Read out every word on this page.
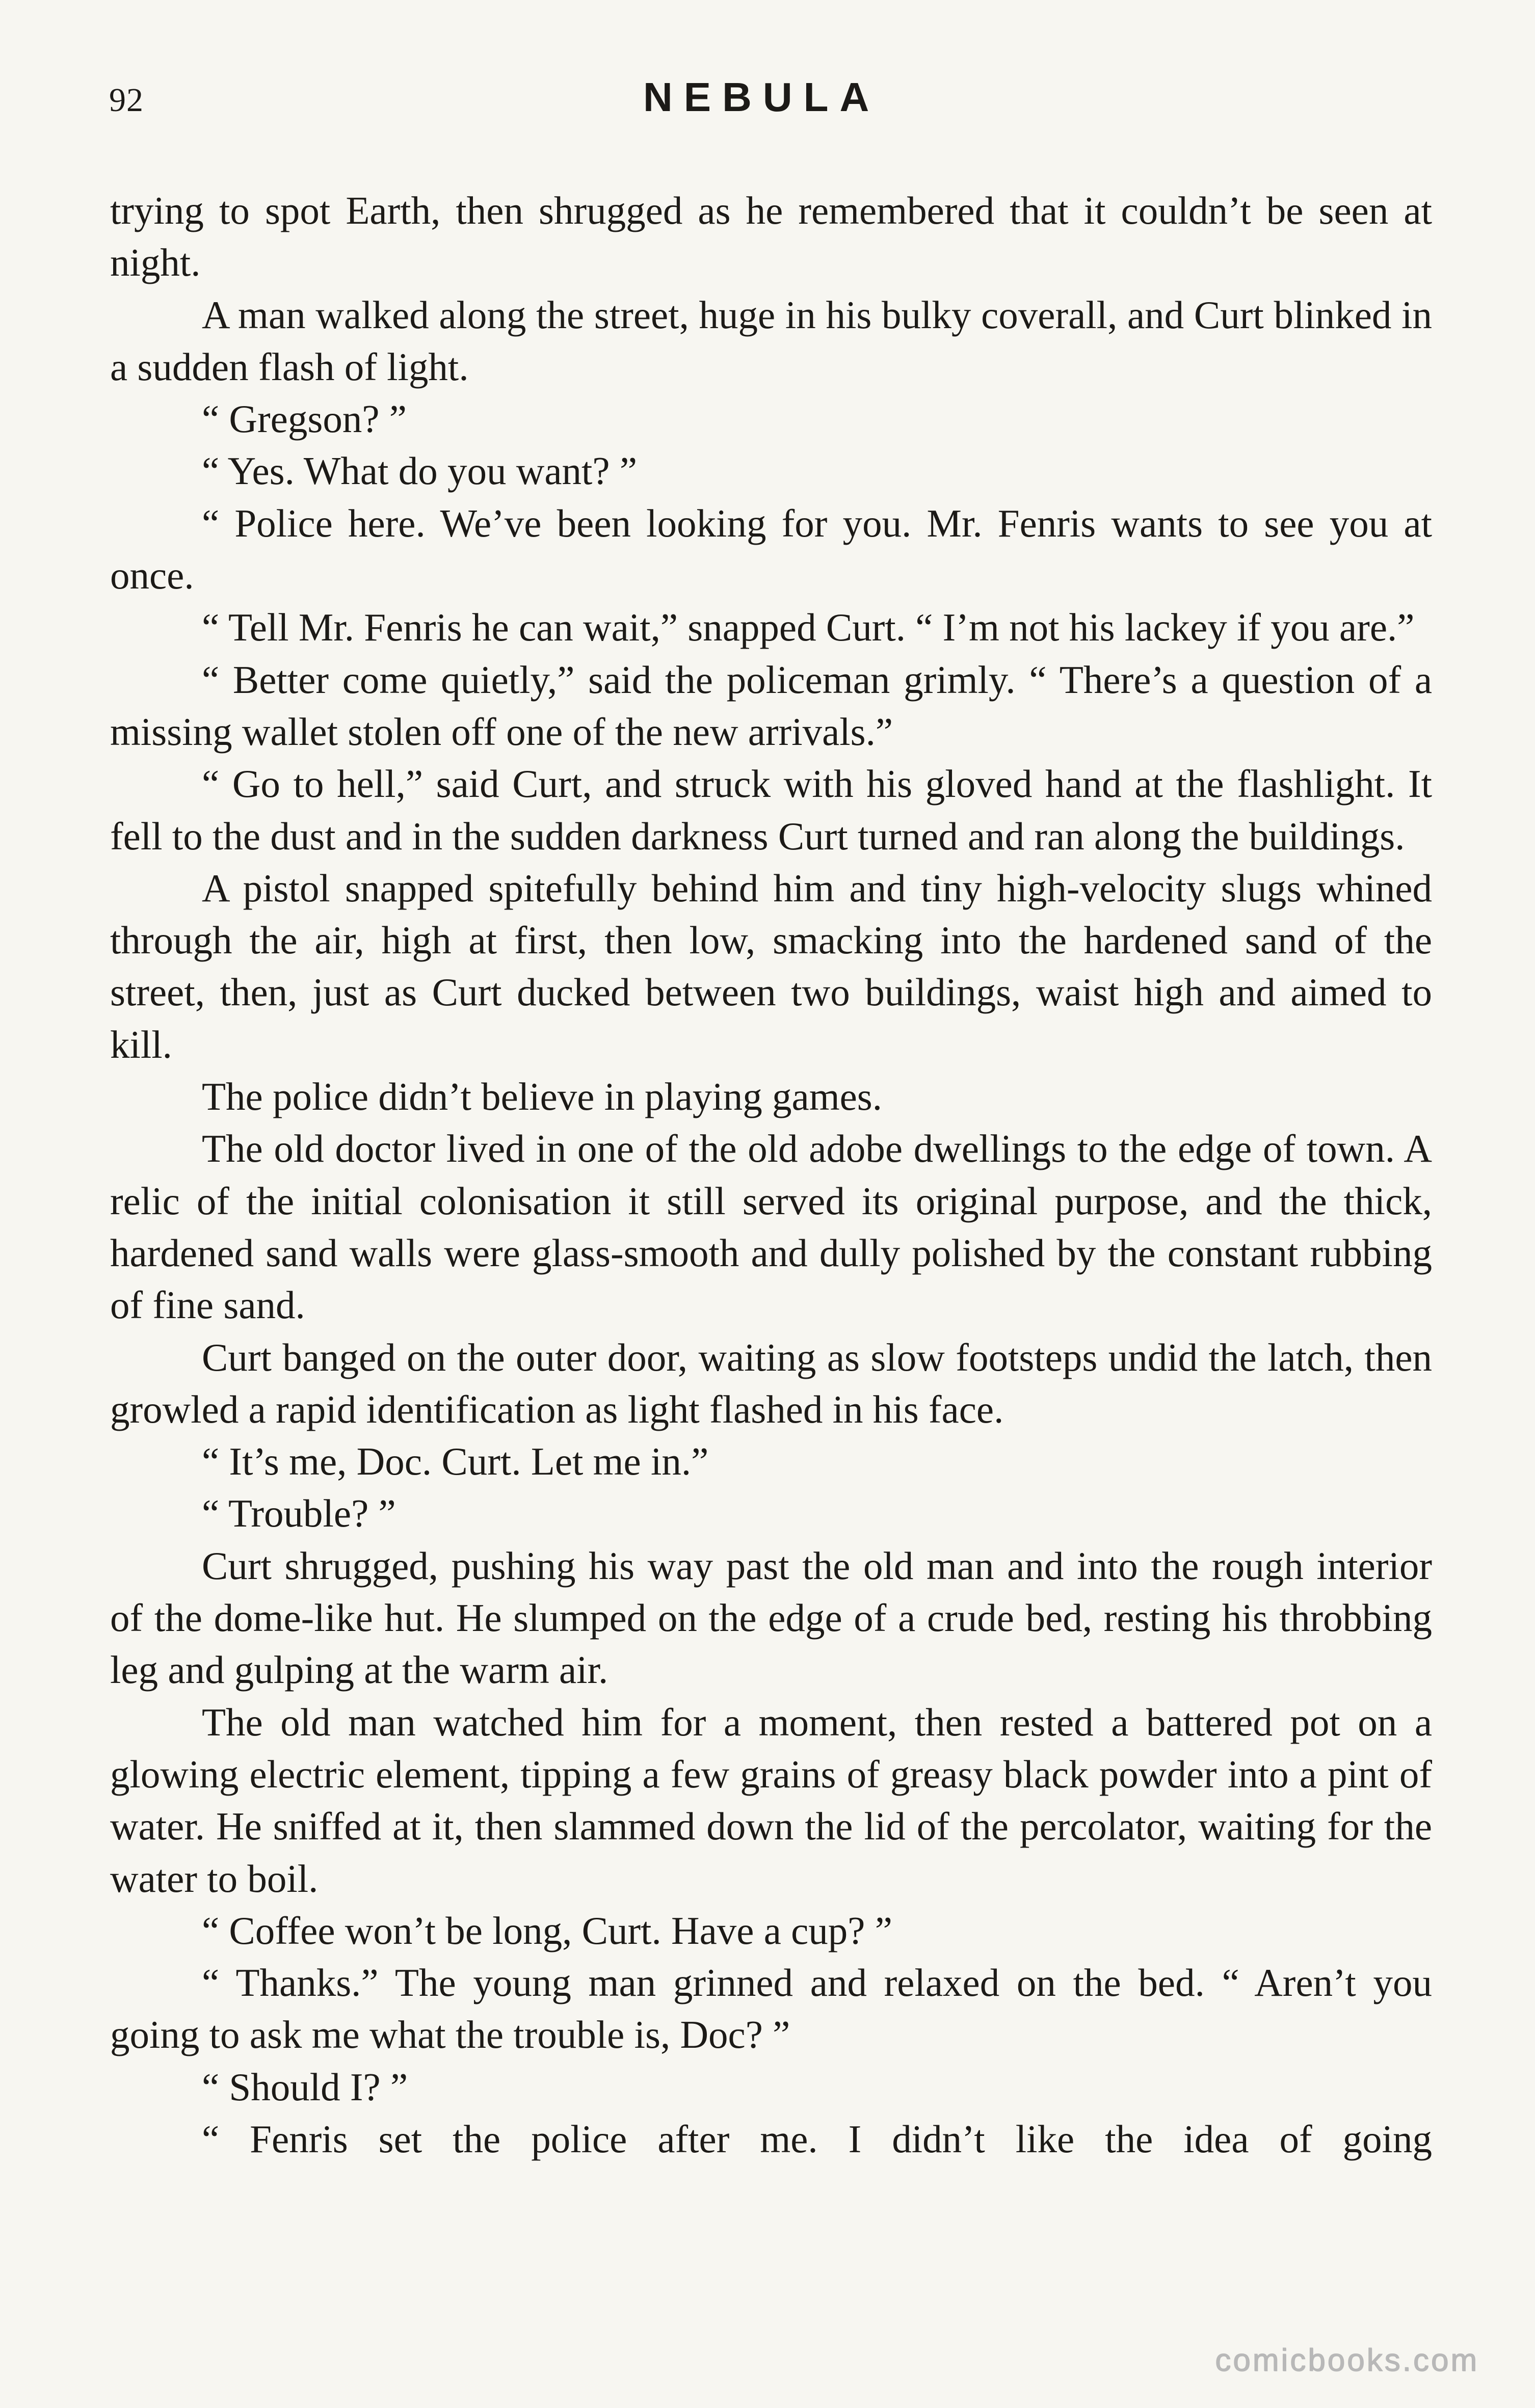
92	NEBULA

trying to spot Earth, then shrugged as he remembered that it couldn’t be seen at night.

A man walked along the street, huge in his bulky coverall, and Curt blinked in a sudden flash of light.

“ Gregson? ”

“ Yes. What do you want? ”

“ Police here. We’ve been looking for you. Mr. Fenris wants to see you at once.

“ Tell Mr. Fenris he can wait,” snapped Curt. “ I’m not his lackey if you are.”

“ Better come quietly,” said the policeman grimly. “ There’s a question of a missing wallet stolen off one of the new arrivals.”

“ Go to hell,” said Curt, and struck with his gloved hand at the flashlight. It fell to the dust and in the sudden darkness Curt turned and ran along the buildings.

A pistol snapped spitefully behind him and tiny high-velocity slugs whined through the air, high at first, then low, smacking into the hardened sand of the street, then, just as Curt ducked between two buildings, waist high and aimed to kill.

The police didn’t believe in playing games.

The old doctor lived in one of the old adobe dwellings to the edge of town. A relic of the initial colonisation it still served its original purpose, and the thick, hardened sand walls were glass-smooth and dully polished by the constant rubbing of fine sand.

Curt banged on the outer door, waiting as slow footsteps undid the latch, then growled a rapid identification as light flashed in his face.

“ It’s me, Doc. Curt. Let me in.”

“ Trouble? ”

Curt shrugged, pushing his way past the old man and into the rough interior of the dome-like hut. He slumped on the edge of a crude bed, resting his throbbing leg and gulping at the warm air.

The old man watched him for a moment, then rested a battered pot on a glowing electric element, tipping a few grains of greasy black powder into a pint of water. He sniffed at it, then slammed down the lid of the percolator, waiting for the water to boil.

“ Coffee won’t be long, Curt. Have a cup? ”

“ Thanks.” The young man grinned and relaxed on the bed. “ Aren’t you going to ask me what the trouble is, Doc? ”

“ Should I? ”

“ Fenris set the police after me. I didn’t like the idea of going

comicbooks.com
